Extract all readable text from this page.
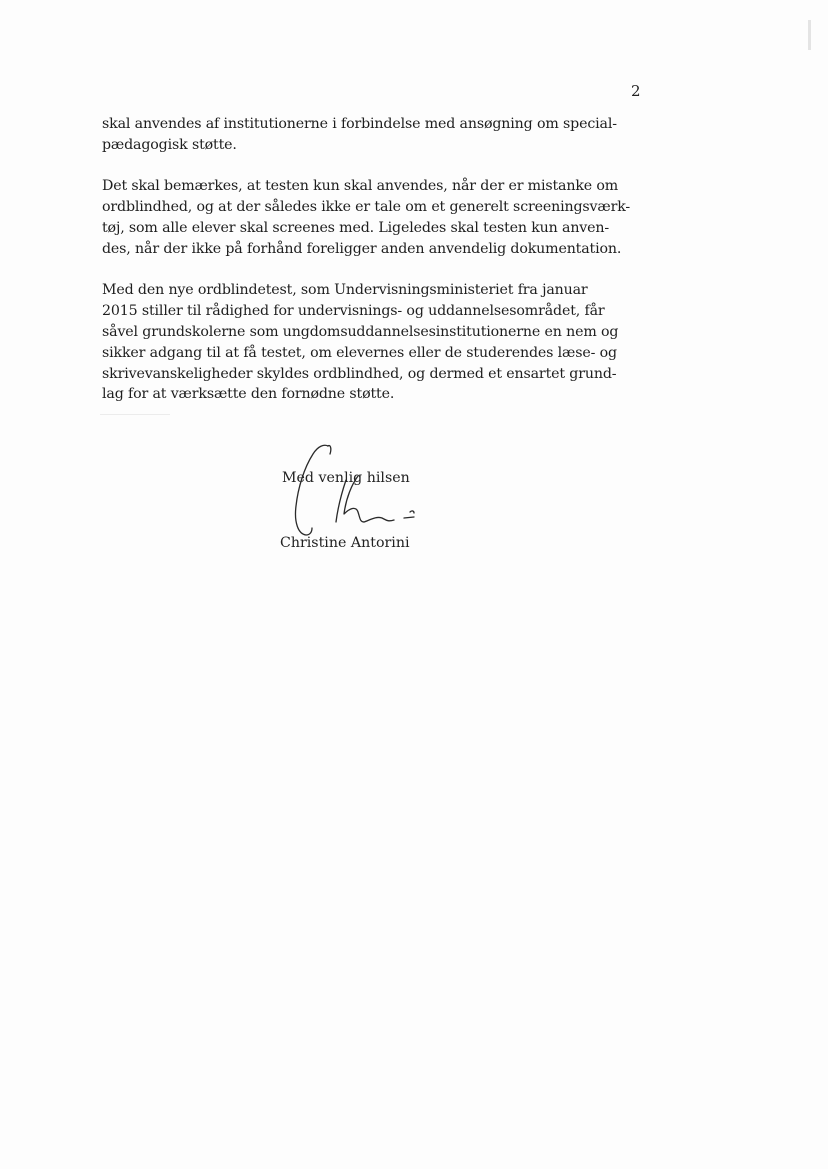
2

skal anvendes af institutionerne i forbindelse med ansøgning om special-
pædagogisk støtte.

Det skal bemærkes, at testen kun skal anvendes, når der er mistanke om
ordblindhed, og at der således ikke er tale om et generelt screeningsværk-
tøj, som alle elever skal screenes med. Ligeledes skal testen kun anven-
des, når der ikke på forhånd foreligger anden anvendelig dokumentation.

Med den nye ordblindetest, som Undervisningsministeriet fra januar
2015 stiller til rådighed for undervisnings- og uddannelsesområdet, får
såvel grundskolerne som ungdomsuddannelsesinstitutionerne en nem og
sikker adgang til at få testet, om elevernes eller de studerendes læse- og
skrivevanskeligheder skyldes ordblindhed, og dermed et ensartet grund-
lag for at værksætte den fornødne støtte.

Med venlig hilsen
Christine Antorini
